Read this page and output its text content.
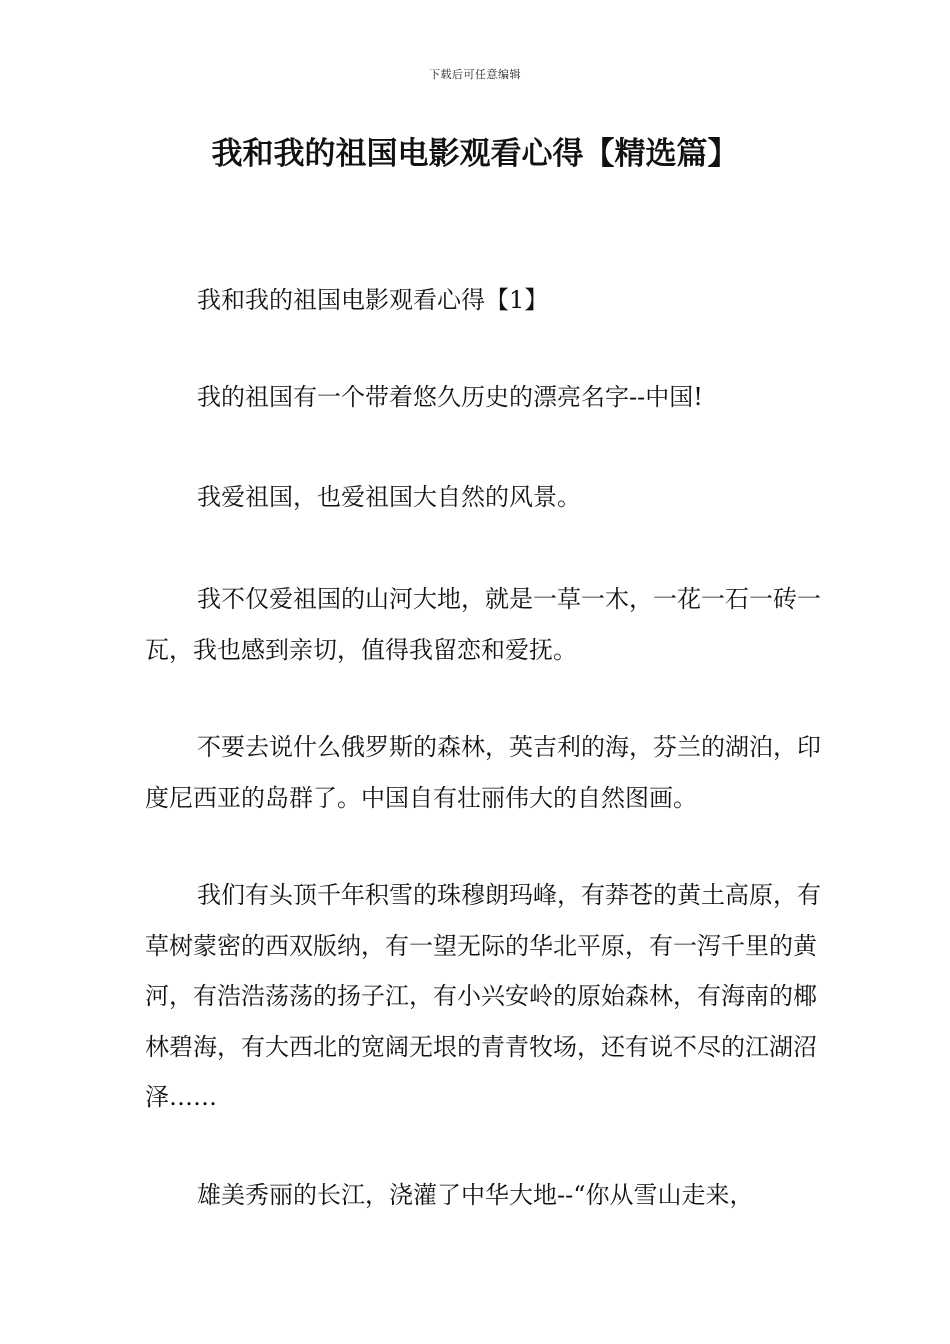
下载后可任意编辑
我和我的祖国电影观看心得【精选篇】

我和我的祖国电影观看心得【1】

我的祖国有一个带着悠久历史的漂亮名字--中国!

我爱祖国，也爱祖国大自然的风景。

我不仅爱祖国的山河大地，就是一草一木，一花一石一砖一瓦，我也感到亲切，值得我留恋和爱抚。

不要去说什么俄罗斯的森林，英吉利的海，芬兰的湖泊，印度尼西亚的岛群了。中国自有壮丽伟大的自然图画。

我们有头顶千年积雪的珠穆朗玛峰，有莽苍的黄土高原，有草树蒙密的西双版纳，有一望无际的华北平原，有一泻千里的黄河，有浩浩荡荡的扬子江，有小兴安岭的原始森林，有海南的椰林碧海，有大西北的宽阔无垠的青青牧场，还有说不尽的江湖沼泽……

雄美秀丽的长江，浇灌了中华大地--“你从雪山走来，
